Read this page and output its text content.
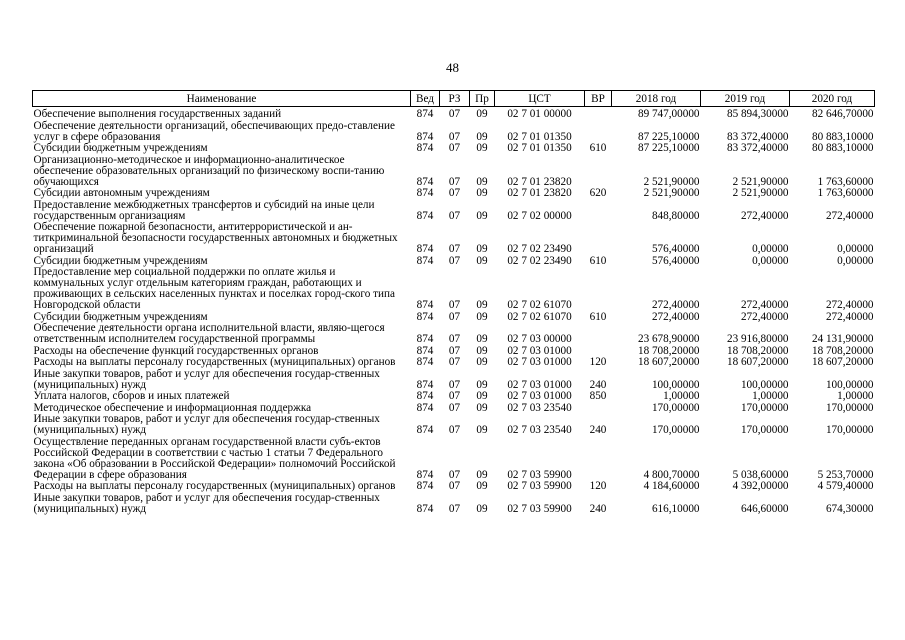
48
Наименование	Вед	РЗ	Пр	ЦСТ	ВР	2018 год	2019 год	2020 год
Обеспечение выполнения государственных заданий	874	07	09	02 7 01 00000		89 747,00000	85 894,30000	82 646,70000
Обеспечение деятельности организаций, обеспечивающих предо-ставление услуг в сфере образования	874	07	09	02 7 01 01350		87 225,10000	83 372,40000	80 883,10000
Субсидии бюджетным учреждениям	874	07	09	02 7 01 01350	610	87 225,10000	83 372,40000	80 883,10000
Организационно-методическое и информационно-аналитическое обеспечение образовательных организаций по физическому воспи-танию обучающихся	874	07	09	02 7 01 23820		2 521,90000	2 521,90000	1 763,60000
Субсидии автономным учреждениям	874	07	09	02 7 01 23820	620	2 521,90000	2 521,90000	1 763,60000
Предоставление межбюджетных трансфертов и субсидий на иные цели государственным организациям	874	07	09	02 7 02 00000		848,80000	272,40000	272,40000
Обеспечение пожарной безопасности, антитеррористической и ан-титкриминальной безопасности государственных автономных и бюджетных организаций	874	07	09	02 7 02 23490		576,40000	0,00000	0,00000
Субсидии бюджетным учреждениям	874	07	09	02 7 02 23490	610	576,40000	0,00000	0,00000
Предоставление мер социальной поддержки по оплате жилья и коммунальных услуг отдельным категориям граждан, работающих и проживающих в сельских населенных пунктах и поселках город-ского типа Новгородской области	874	07	09	02 7 02 61070		272,40000	272,40000	272,40000
Субсидии бюджетным учреждениям	874	07	09	02 7 02 61070	610	272,40000	272,40000	272,40000
Обеспечение деятельности органа исполнительной власти, являю-щегося ответственным исполнителем государственной программы	874	07	09	02 7 03 00000		23 678,90000	23 916,80000	24 131,90000
Расходы на обеспечение функций государственных органов	874	07	09	02 7 03 01000		18 708,20000	18 708,20000	18 708,20000
Расходы на выплаты персоналу государственных (муниципальных) органов	874	07	09	02 7 03 01000	120	18 607,20000	18 607,20000	18 607,20000
Иные закупки товаров, работ и услуг для обеспечения государ-ственных (муниципальных) нужд	874	07	09	02 7 03 01000	240	100,00000	100,00000	100,00000
Уплата налогов, сборов и иных платежей	874	07	09	02 7 03 01000	850	1,00000	1,00000	1,00000
Методическое обеспечение и информационная поддержка	874	07	09	02 7 03 23540		170,00000	170,00000	170,00000
Иные закупки товаров, работ и услуг для обеспечения государ-ственных (муниципальных) нужд	874	07	09	02 7 03 23540	240	170,00000	170,00000	170,00000
Осуществление переданных органам государственной власти субъ-ектов Российской Федерации в соответствии с частью 1 статьи 7 Федерального закона «Об образовании в Российской Федерации» полномочий Российской Федерации в сфере образования	874	07	09	02 7 03 59900		4 800,70000	5 038,60000	5 253,70000
Расходы на выплаты персоналу государственных (муниципальных) органов	874	07	09	02 7 03 59900	120	4 184,60000	4 392,00000	4 579,40000
Иные закупки товаров, работ и услуг для обеспечения государ-ственных (муниципальных) нужд	874	07	09	02 7 03 59900	240	616,10000	646,60000	674,30000
